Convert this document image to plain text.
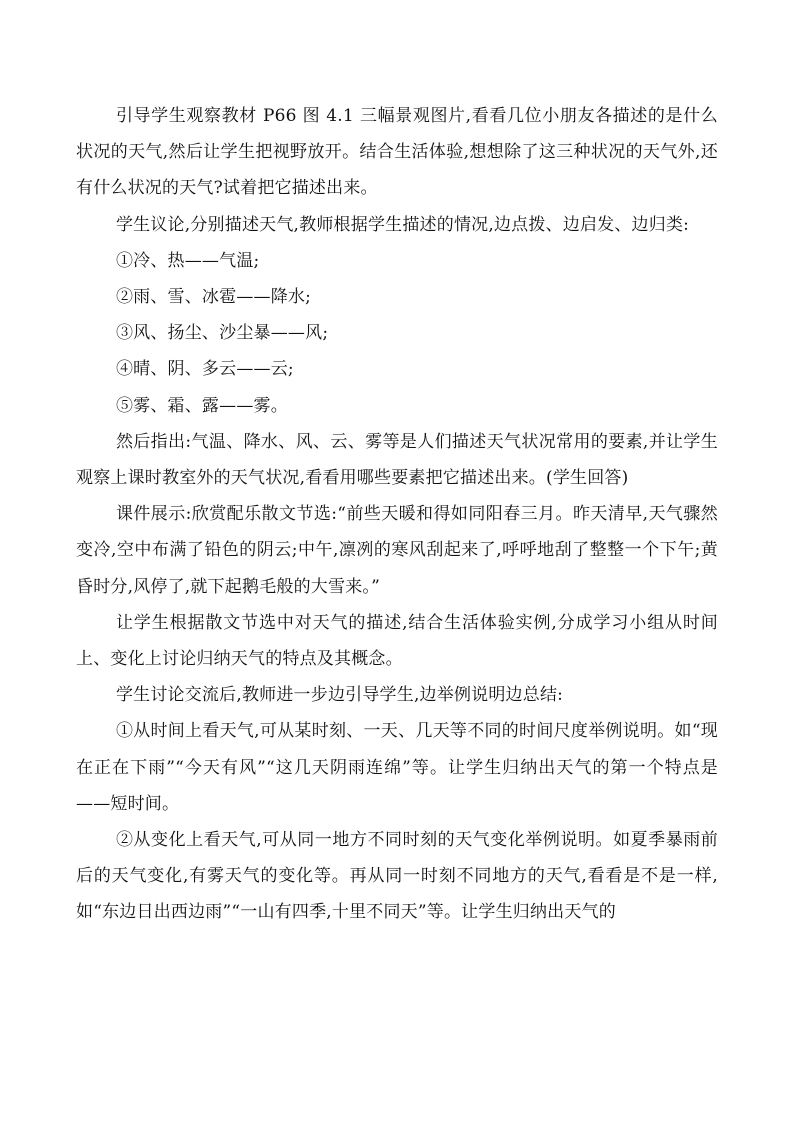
引导学生观察教材 P66 图 4.1 三幅景观图片,看看几位小朋友各描述的是什么状况的天气,然后让学生把视野放开。结合生活体验,想想除了这三种状况的天气外,还有什么状况的天气?试着把它描述出来。

学生议论,分别描述天气,教师根据学生描述的情况,边点拨、边启发、边归类:

①冷、热——气温;

②雨、雪、冰雹——降水;

③风、扬尘、沙尘暴——风;

④晴、阴、多云——云;

⑤雾、霜、露——雾。

然后指出:气温、降水、风、云、雾等是人们描述天气状况常用的要素,并让学生观察上课时教室外的天气状况,看看用哪些要素把它描述出来。(学生回答)

课件展示:欣赏配乐散文节选:“前些天暖和得如同阳春三月。昨天清早,天气骤然变冷,空中布满了铅色的阴云;中午,凛冽的寒风刮起来了,呼呼地刮了整整一个下午;黄昏时分,风停了,就下起鹅毛般的大雪来。”

让学生根据散文节选中对天气的描述,结合生活体验实例,分成学习小组从时间上、变化上讨论归纳天气的特点及其概念。

学生讨论交流后,教师进一步边引导学生,边举例说明边总结:

①从时间上看天气,可从某时刻、一天、几天等不同的时间尺度举例说明。如“现在正在下雨”“今天有风”“这几天阴雨连绵”等。让学生归纳出天气的第一个特点是——短时间。

②从变化上看天气,可从同一地方不同时刻的天气变化举例说明。如夏季暴雨前后的天气变化,有雾天气的变化等。再从同一时刻不同地方的天气,看看是不是一样,如“东边日出西边雨”“一山有四季,十里不同天”等。让学生归纳出天气的
